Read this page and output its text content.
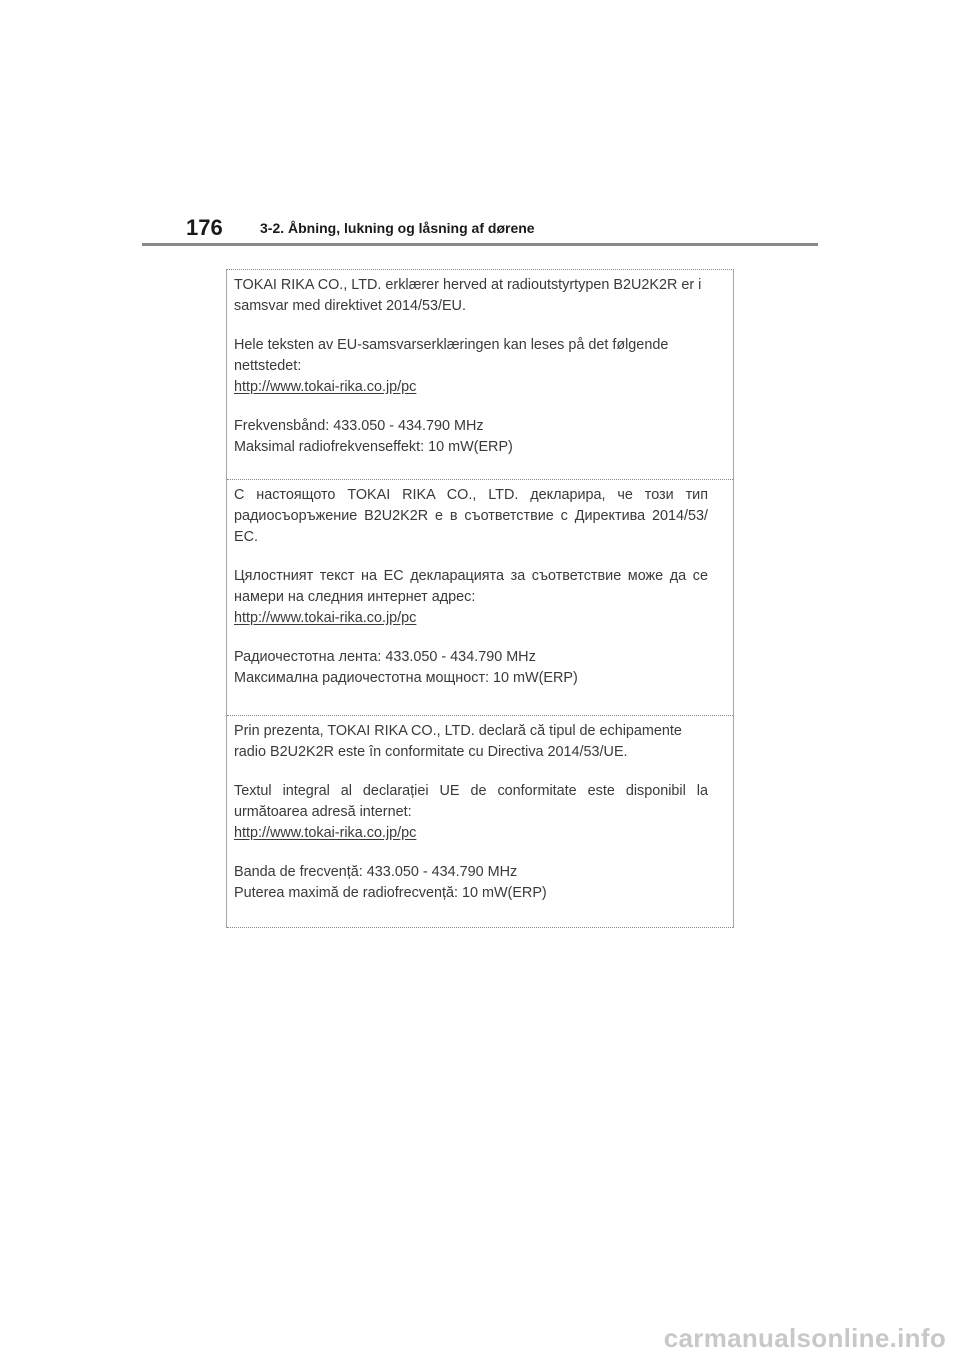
176	3-2. Åbning, lukning og låsning af dørene

TOKAI RIKA CO., LTD. erklærer herved at radioutstyrtypen B2U2K2R er i samsvar med direktivet 2014/53/EU.

Hele teksten av EU-samsvarserklæringen kan leses på det følgende nettstedet:

http://www.tokai-rika.co.jp/pc

Frekvensbånd: 433.050 - 434.790 MHz

Maksimal radiofrekvenseffekt: 10 mW(ERP)

С настоящото TOKAI RIKA CO., LTD. декларира, че този тип радиосъоръжение B2U2K2R е в съответствие с Директива 2014/53/ЕС.

Цялостният текст на ЕС декларацията за съответствие може да се намери на следния интернет адрес:

http://www.tokai-rika.co.jp/pc

Радиочестотна лента: 433.050 - 434.790 MHz

Максимална радиочестотна мощност: 10 mW(ERP)

Prin prezenta, TOKAI RIKA CO., LTD. declară că tipul de echipamente radio B2U2K2R este în conformitate cu Directiva 2014/53/UE.

Textul integral al declarației UE de conformitate este disponibil la următoarea adresă internet:

http://www.tokai-rika.co.jp/pc

Banda de frecvență: 433.050 - 434.790 MHz

Puterea maximă de radiofrecvență: 10 mW(ERP)

carmanualsonline.info
